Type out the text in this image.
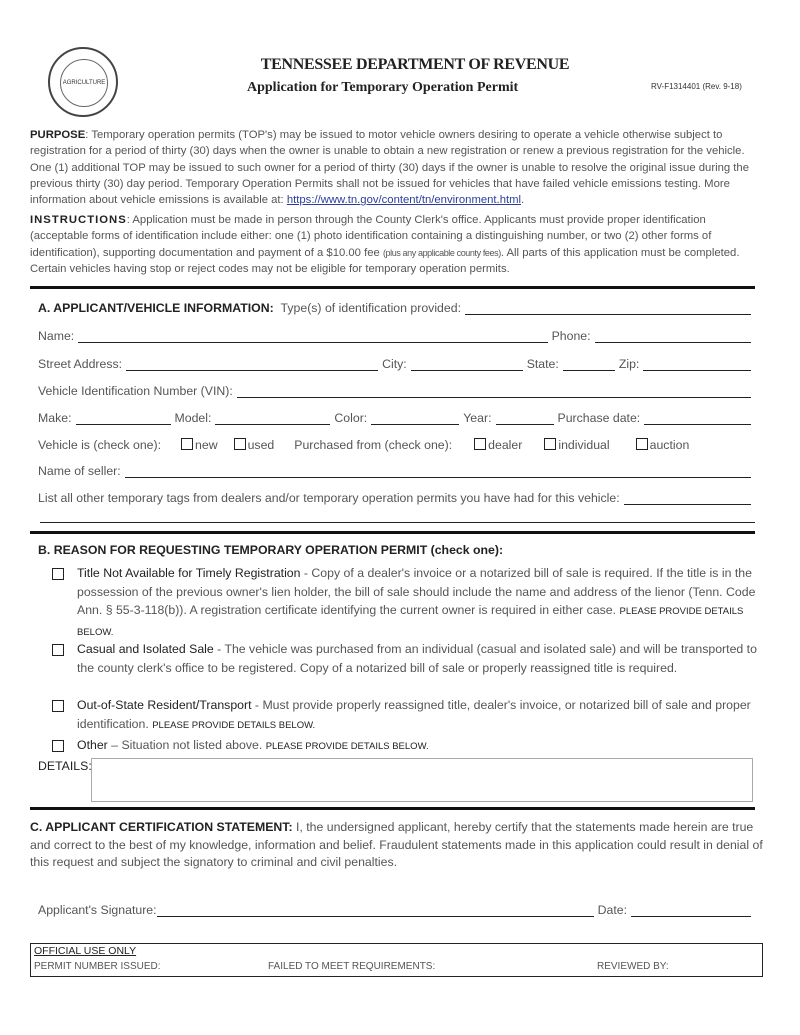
AGRICULTURE
TENNESSEE DEPARTMENT OF REVENUE
Application for Temporary Operation Permit	RV-F1314401 (Rev. 9-18)
PURPOSE: Temporary operation permits (TOP's) may be issued to motor vehicle owners desiring to operate a vehicle otherwise subject to registration for a period of thirty (30) days when the owner is unable to obtain a new registration or renew a previous registration for the vehicle. One (1) additional TOP may be issued to such owner for a period of thirty (30) days if the owner is unable to resolve the original issue during the previous thirty (30) day period. Temporary Operation Permits shall not be issued for vehicles that have failed vehicle emissions testing. More information about vehicle emissions is available at: https://www.tn.gov/content/tn/environment.html.
INSTRUCTIONS: Application must be made in person through the County Clerk's office. Applicants must provide proper identification (acceptable forms of identification include either: one (1) photo identification containing a distinguishing number, or two (2) other forms of identification), supporting documentation and payment of a $10.00 fee (plus any applicable county fees). All parts of this application must be completed. Certain vehicles having stop or reject codes may not be eligible for temporary operation permits.
A. APPLICANT/VEHICLE INFORMATION:
Type(s) of identification provided:
Name:	Phone:
Street Address:	City:	State:	Zip:
Vehicle Identification Number (VIN):
Make:	Model:	Color:	Year:	Purchase date:
Vehicle is (check one):	new	used Purchased from (check one):	dealer	individual	auction
Name of seller:
List all other temporary tags from dealers and/or temporary operation permits you have had for this vehicle:
B. REASON FOR REQUESTING TEMPORARY OPERATION PERMIT (check one):
Title Not Available for Timely Registration - Copy of a dealer's invoice or a notarized bill of sale is required. If the title is in the possession of the previous owner's lien holder, the bill of sale should include the name and address of the lienor (Tenn. Code Ann. § 55-3-118(b)). A registration certificate identifying the current owner is required in either case. PLEASE PROVIDE DETAILS BELOW.
Casual and Isolated Sale - The vehicle was purchased from an individual (casual and isolated sale) and will be transported to the county clerk's office to be registered. Copy of a notarized bill of sale or properly reassigned title is required.
Out-of-State Resident/Transport - Must provide properly reassigned title, dealer's invoice, or notarized bill of sale and proper identification. PLEASE PROVIDE DETAILS BELOW.
Other – Situation not listed above. PLEASE PROVIDE DETAILS BELOW.
DETAILS:
C. APPLICANT CERTIFICATION STATEMENT: I, the undersigned applicant, hereby certify that the statements made herein are true and correct to the best of my knowledge, information and belief. Fraudulent statements made in this application could result in denial of this request and subject the signatory to criminal and civil penalties.
Applicant's Signature:	Date:
OFFICIAL USE ONLY
PERMIT NUMBER ISSUED:	FAILED TO MEET REQUIREMENTS:	REVIEWED BY:
